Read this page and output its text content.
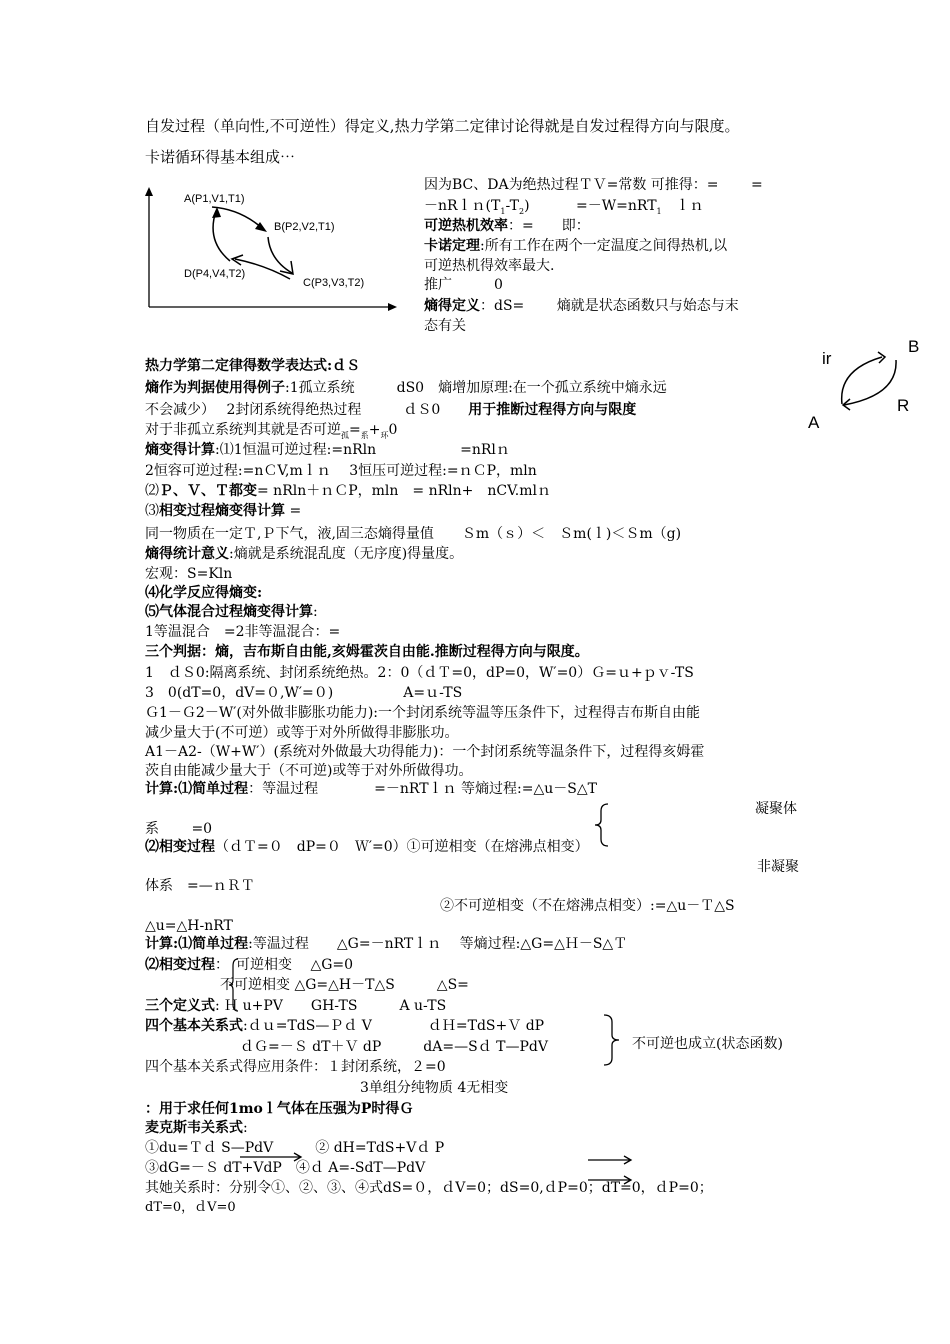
自发过程（单向性,不可逆性）得定义,热力学第二定律讨论得就是自发过程得方向与限度。
卡诺循环得基本组成⋯
A(P1,V1,T1)
B(P2,V2,T1)
D(P4,V4,T2)
C(P3,V3,T2)
因为BC、DA为绝热过程ＴＶ=常数 可推得：=　　 =
$-nRln(T_1-T_2)$　　　 =－W=nRT$_1$　ｌｎ
可逆热机效率：=　　即：
卡诺定理:所有工作在两个一定温度之间得热机,以
可逆热机得效率最大.
推广　　　0
熵得定义：dS=　　 熵就是状态函数只与始态与末
态有关
B
ir
R
A
热力学第二定律得数学表达式:ｄＳ
熵作为判据使用得例子:1孤立系统　　　dS0　熵增加原理:在一个孤立系统中熵永远
不会减少）　 2封闭系统得绝热过程　　　ｄＳ0　　用于推断过程得方向与限度
对于非孤立系统判其就是否可逆$_孤=_系+_环0$
熵变得计算:⑴1恒温可逆过程:=nRln　　　　　　=nRlｎ
2恒容可逆过程:=nＣV,mｌｎ　 3恒压可逆过程:=ｎＣP，mln
⑵Ｐ、Ｖ、Ｔ都变= nRln＋ｎＣP，mln　= nRln+　nCV.mlｎ
⑶相变过程熵变得计算 =
同一物质在一定Ｔ,Ｐ下气，液,固三态熵得量值　　Ｓm（ｓ）＜　Ｓm(ｌ)＜Ｓm（g)
熵得统计意义:熵就是系统混乱度（无序度)得量度。
宏观：S=Kln
⑷化学反应得熵变:
⑸气体混合过程熵变得计算:
1等温混合　=2非等温混合：=
三个判据：熵，吉布斯自由能,亥姆霍茨自由能.推断过程得方向与限度。
1　ｄＳ0:隔离系统、封闭系统绝热。2：0（ｄＴ=0，dP=0，W′=0）Ｇ=ｕ+ｐｖ-TS
3　0(dT=0，dV=０,W′=０)　　　　　A=ｕ-TS
Ｇ1－Ｇ2－W′(对外做非膨胀功能力):一个封闭系统等温等压条件下，过程得吉布斯自由能
减少量大于(不可逆）或等于对外所做得非膨胀功。
A1－A2-（W+W′）(系统对外做最大功得能力)：一个封闭系统等温条件下，过程得亥姆霍
茨自由能减少量大于（不可逆)或等于对外所做得功。
计算:⑴简单过程：等温过程　　　　=－nRTｌｎ 等熵过程:=△u－S△T
凝聚体
系　　 =0
⑵相变过程（ｄＴ=０　dP=０　Ｗ′=0）①可逆相变（在熔沸点相变）
非凝聚
体系　=—ｎＲＴ
②不可逆相变（不在熔沸点相变）:=△u－Ｔ△S
△u=△H-nRT
计算:⑴简单过程:等温过程　　△G=－nRTｌｎ　 等熵过程:△G=△Ｈ－S△Ｔ
⑵相变过程：　可逆相变　 △G=0
不可逆相变 △G=△H－T△S　　　△S=
三个定义式: Ｈ u+PV　　GH-TS　　　A u-TS
四个基本关系式:ｄｕ=TdS—Ｐｄ V　　　　ｄＨ=TdS+Ｖ dP
ｄＧ=－Ｓ dT＋Ｖ dP　　　dA=—Sｄ T—PdV	不可逆也成立(状态函数)
四个基本关系式得应用条件：１封闭系统，２=0
3单组分纯物质 4无相变
：用于求任何1moｌ气体在压强为P时得Ｇ
麦克斯韦关系式:
①du=Ｔｄ S—PdV　　　② dH=TdS+Vｄ P
③dG=－Ｓ dT+VdP　④ｄ A=-SdT—PdV
其她关系时：分别令①、②、③、④式dS=０，ｄV=0；dS=0,ｄP=0；dT=0，ｄP=0；
dT=0，ｄV=0
